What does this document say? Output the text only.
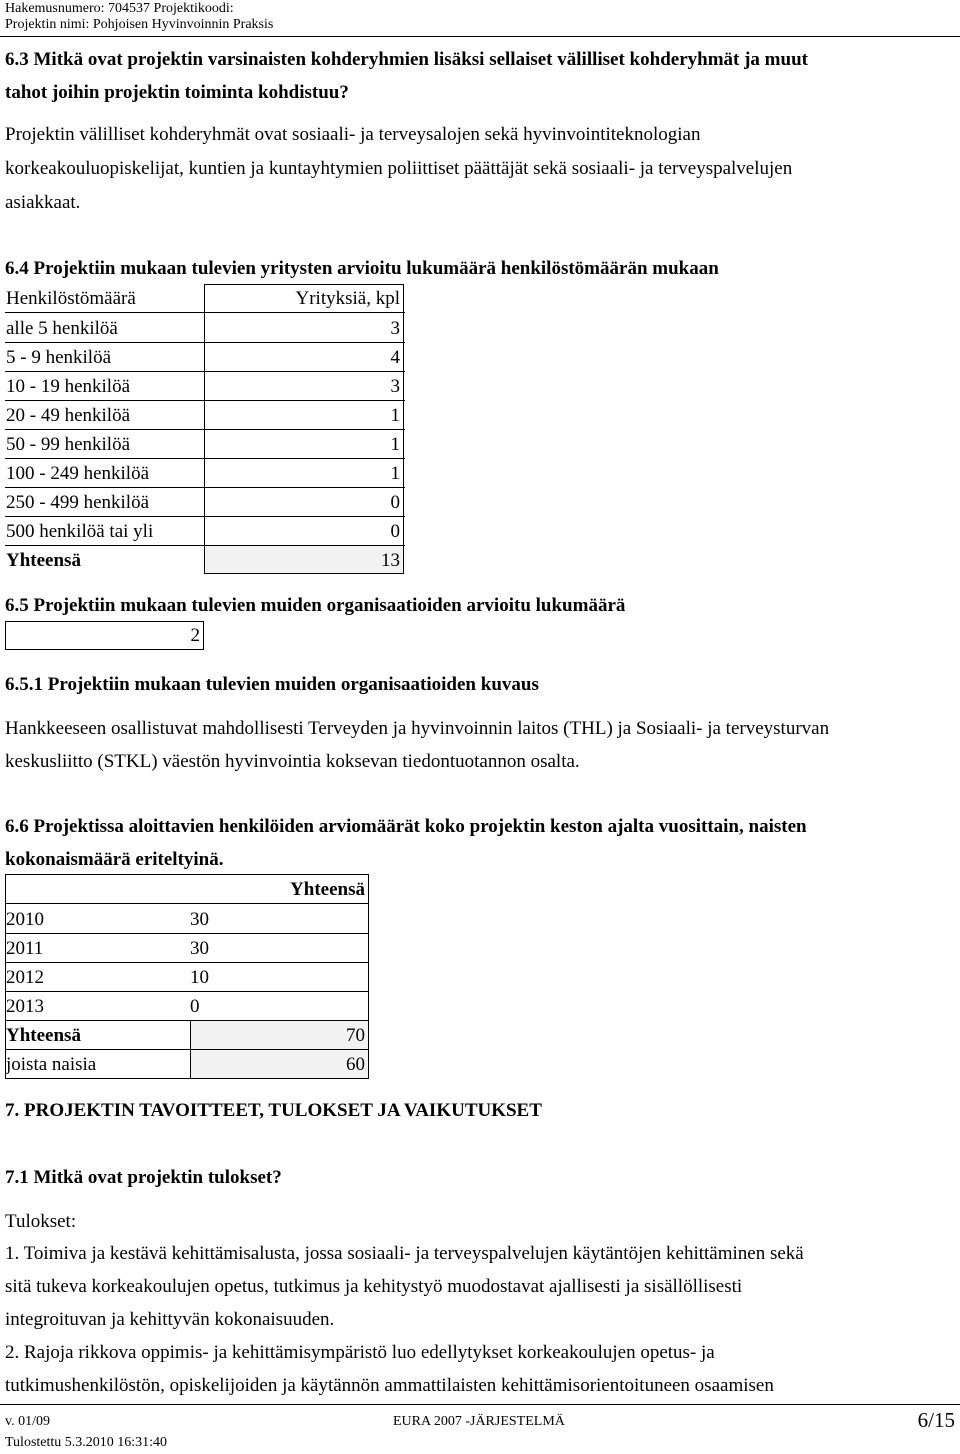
Hakemusnumero: 704537 Projektikoodi:
Projektin nimi: Pohjoisen Hyvinvoinnin Praksis
6.3 Mitkä ovat projektin varsinaisten kohderyhmien lisäksi sellaiset välilliset kohderyhmät ja muut
tahot joihin projektin toiminta kohdistuu?
Projektin välilliset kohderyhmät ovat sosiaali- ja terveysalojen sekä hyvinvointiteknologian
korkeakouluopiskelijat, kuntien ja kuntayhtymien poliittiset päättäjät sekä sosiaali- ja terveyspalvelujen
asiakkaat.
6.4 Projektiin mukaan tulevien yritysten arvioitu lukumäärä henkilöstömäärän mukaan
Henkilöstömäärä	Yrityksiä, kpl
alle 5 henkilöä	3
5 - 9 henkilöä	4
10 - 19 henkilöä	3
20 - 49 henkilöä	1
50 - 99 henkilöä	1
100 - 249 henkilöä	1
250 - 499 henkilöä	0
500 henkilöä tai yli	0
Yhteensä	13
6.5 Projektiin mukaan tulevien muiden organisaatioiden arvioitu lukumäärä
2
6.5.1 Projektiin mukaan tulevien muiden organisaatioiden kuvaus
Hankkeeseen osallistuvat mahdollisesti Terveyden ja hyvinvoinnin laitos (THL) ja Sosiaali- ja terveysturvan
keskusliitto (STKL) väestön hyvinvointia koksevan tiedontuotannon osalta.
6.6 Projektissa aloittavien henkilöiden arviomäärät koko projektin keston ajalta vuosittain, naisten
kokonaismäärä eriteltyinä.
Yhteensä
2010	30
2011	30
2012	10
2013	0
Yhteensä	70
joista naisia	60
7. PROJEKTIN TAVOITTEET, TULOKSET JA VAIKUTUKSET
7.1 Mitkä ovat projektin tulokset?
Tulokset:
1. Toimiva ja kestävä kehittämisalusta, jossa sosiaali- ja terveyspalvelujen käytäntöjen kehittäminen sekä
sitä tukeva korkeakoulujen opetus, tutkimus ja kehitystyö muodostavat ajallisesti ja sisällöllisesti
integroituvan ja kehittyvän kokonaisuuden.
2. Rajoja rikkova oppimis- ja kehittämisympäristö luo edellytykset korkeakoulujen opetus- ja
tutkimushenkilöstön, opiskelijoiden ja käytännön ammattilaisten kehittämisorientoituneen osaamisen
v. 01/09	EURA 2007 -JÄRJESTELMÄ	6/15
Tulostettu 5.3.2010 16:31:40
